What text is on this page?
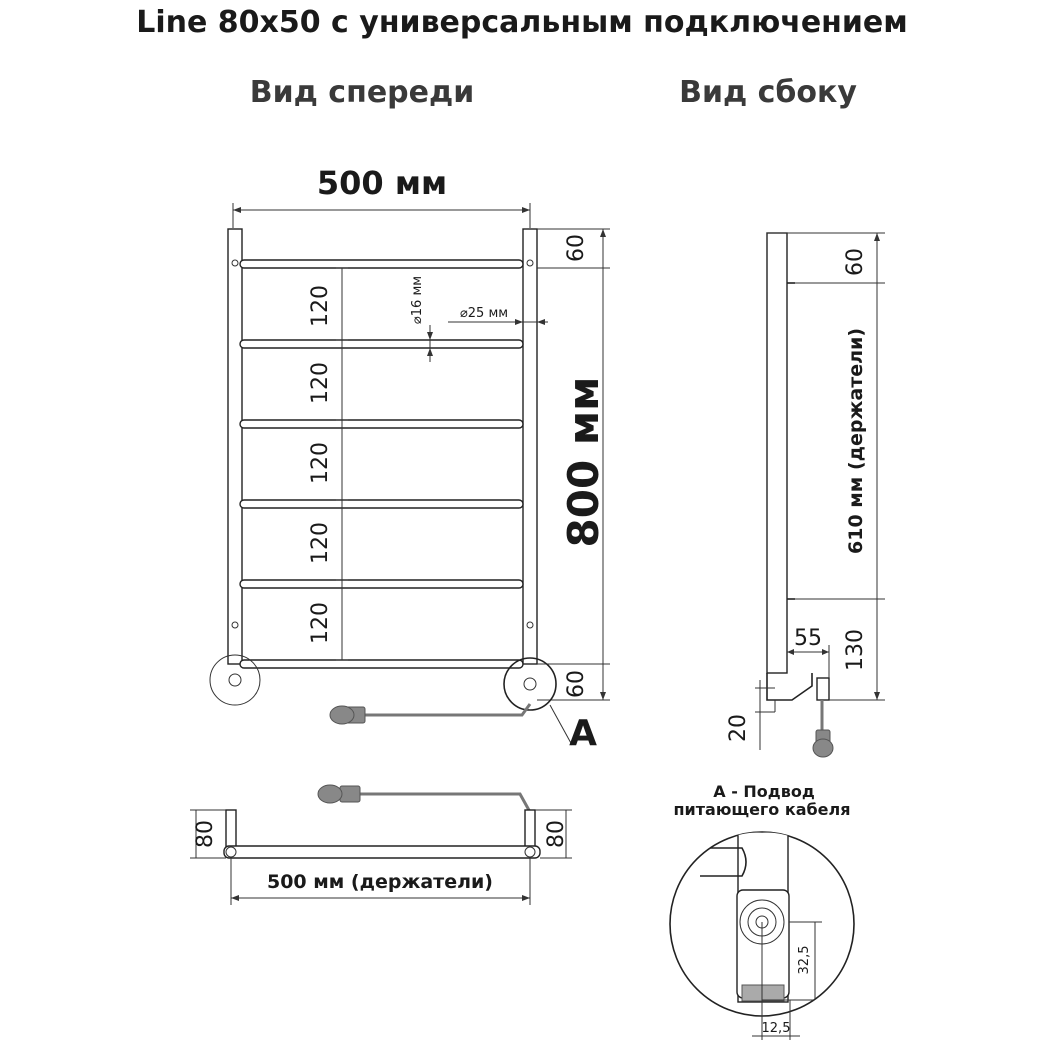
Line 80x50 с универсальным подключением
Вид спереди	Вид сбоку
500 мм
120
120
120
120
120
⌀16 мм	⌀25 мм
60
60
800 мм
A
60
610 мм (держатели)
130
55
20
80	80
500 мм (держатели)
A - Подвод
питающего кабеля
32,5
12,5
